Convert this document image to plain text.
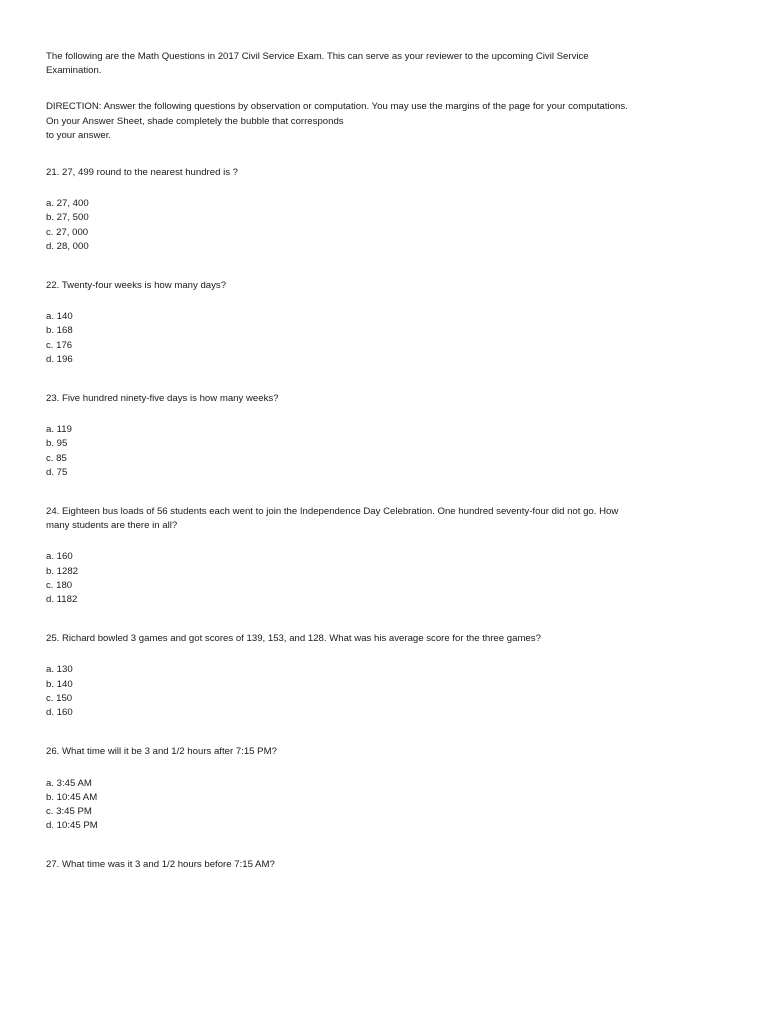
The following are the Math Questions in 2017 Civil Service Exam. This can serve as your reviewer to the upcoming Civil Service
Examination.

DIRECTION: Answer the following questions by observation or computation. You may use the margins of the page for your computations.
On your Answer Sheet, shade completely the bubble that corresponds
to your answer.

21. 27, 499 round to the nearest hundred is ?

a. 27, 400
b. 27, 500
c. 27, 000
d. 28, 000

22. Twenty-four weeks is how many days?

a. 140
b. 168
c. 176
d. 196

23. Five hundred ninety-five days is how many weeks?

a. 119
b. 95
c. 85
d. 75

24. Eighteen bus loads of 56 students each went to join the Independence Day Celebration. One hundred seventy-four did not go. How
many students are there in all?

a. 160
b. 1282
c. 180
d. 1182

25. Richard bowled 3 games and got scores of 139, 153, and 128. What was his average score for the three games?

a. 130
b. 140
c. 150
d. 160

26. What time will it be 3 and 1/2 hours after 7:15 PM?

a. 3:45 AM
b. 10:45 AM
c. 3:45 PM
d. 10:45 PM

27. What time was it 3 and 1/2 hours before 7:15 AM?
